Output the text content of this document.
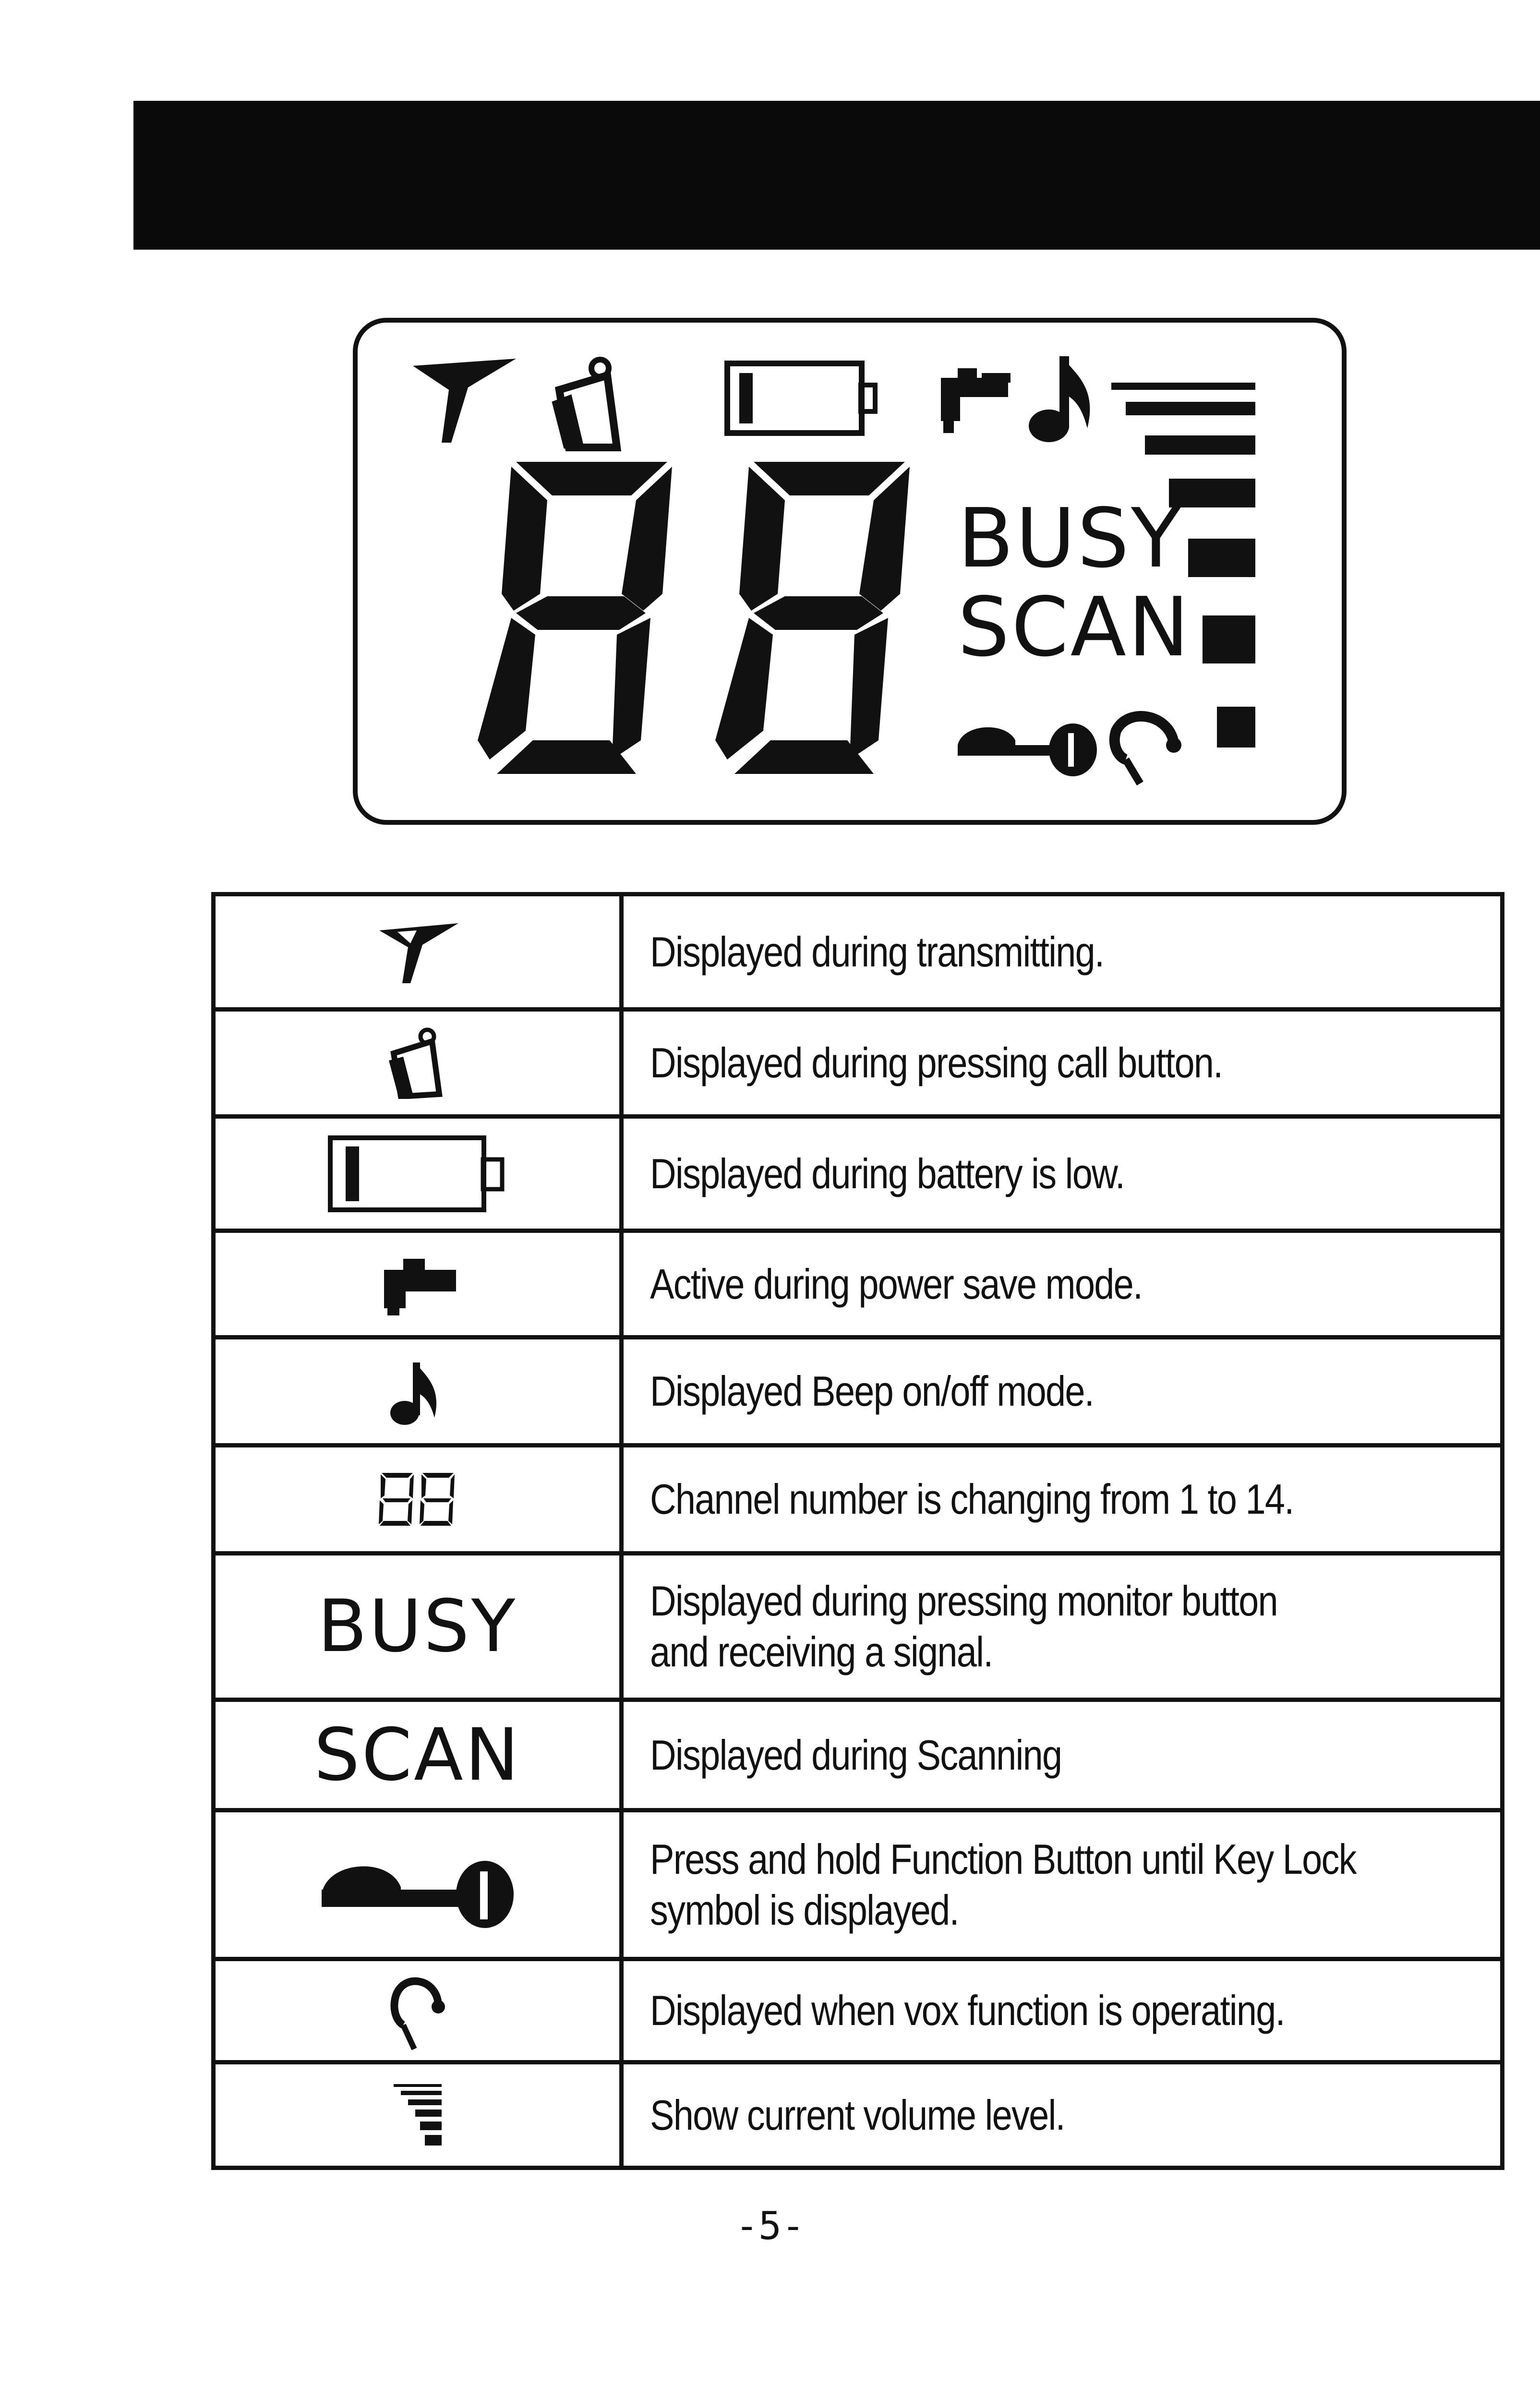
BUSY
SCAN
	Displayed during transmitting.

	Displayed during pressing call button.

	Displayed during battery is low.

	Active during power save mode.

	Displayed Beep on/off mode.

	Channel number is changing from 1 to 14.
BUSY	Displayed during pressing monitor button
and receiving a signal.
SCAN	Displayed during Scanning

	Press and hold Function Button until Key Lock
symbol is displayed.

	Displayed when vox function is operating.

	Show current volume level.
-5-
